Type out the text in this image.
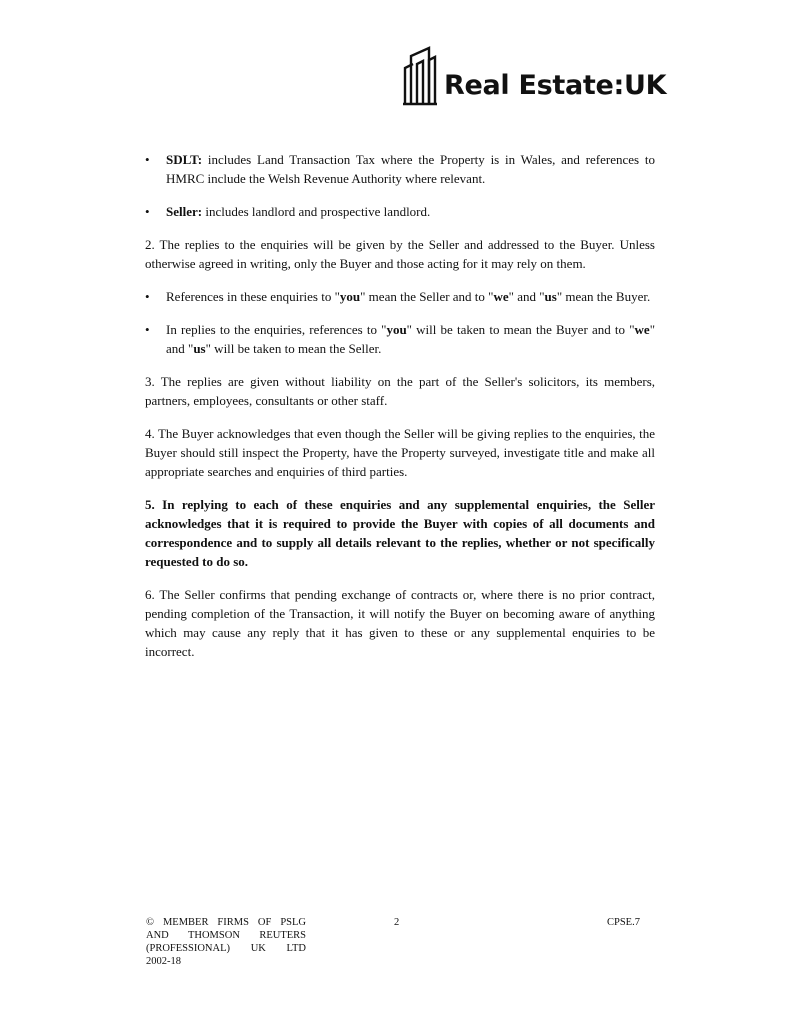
Real Estate:UK
• SDLT: includes Land Transaction Tax where the Property is in Wales, and references to HMRC include the Welsh Revenue Authority where relevant.
• Seller: includes landlord and prospective landlord.

2. The replies to the enquiries will be given by the Seller and addressed to the Buyer. Unless otherwise agreed in writing, only the Buyer and those acting for it may rely on them.

• References in these enquiries to "you" mean the Seller and to "we" and "us" mean the Buyer.
• In replies to the enquiries, references to "you" will be taken to mean the Buyer and to "we" and "us" will be taken to mean the Seller.

3. The replies are given without liability on the part of the Seller's solicitors, its members, partners, employees, consultants or other staff.

4. The Buyer acknowledges that even though the Seller will be giving replies to the enquiries, the Buyer should still inspect the Property, have the Property surveyed, investigate title and make all appropriate searches and enquiries of third parties.

5. In replying to each of these enquiries and any supplemental enquiries, the Seller acknowledges that it is required to provide the Buyer with copies of all documents and correspondence and to supply all details relevant to the replies, whether or not specifically requested to do so.

6. The Seller confirms that pending exchange of contracts or, where there is no prior contract, pending completion of the Transaction, it will notify the Buyer on becoming aware of anything which may cause any reply that it has given to these or any supplemental enquiries to be incorrect.

© MEMBER FIRMS OF PSLG
AND THOMSON REUTERS
(PROFESSIONAL) UK LTD
2002-18
2	CPSE.7
